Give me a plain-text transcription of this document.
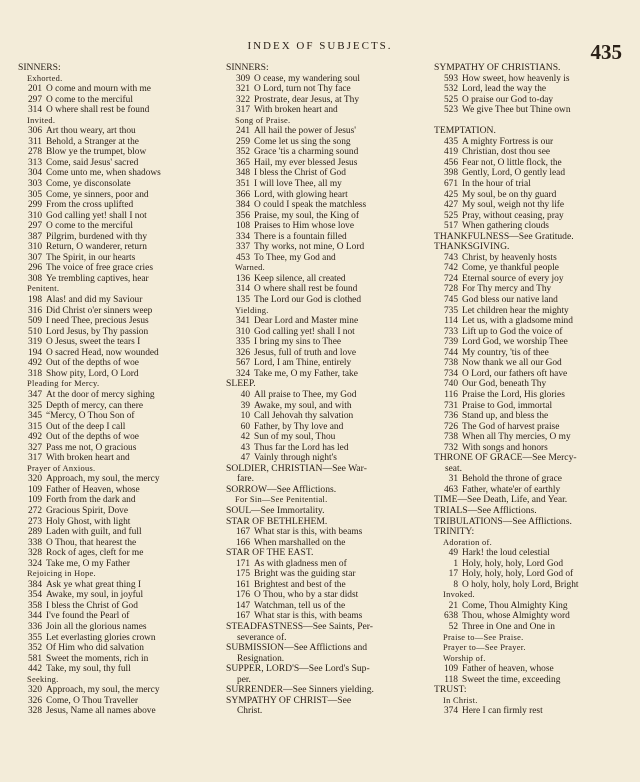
INDEX OF SUBJECTS.	435
SINNERS:
Exhorted.
201 O come and mourn with me
297 O come to the merciful
314 O where shall rest be found
Invited.
306 Art thou weary, art thou
311 Behold, a Stranger at the
278 Blow ye the trumpet, blow
313 Come, said Jesus' sacred
304 Come unto me, when shadows
303 Come, ye disconsolate
305 Come, ye sinners, poor and
299 From the cross uplifted
310 God calling yet! shall I not
297 O come to the merciful
387 Pilgrim, burdened with thy
310 Return, O wanderer, return
307 The Spirit, in our hearts
296 The voice of free grace cries
308 Ye trembling captives, hear
Penitent.
198 Alas! and did my Saviour
316 Did Christ o'er sinners weep
509 I need Thee, precious Jesus
510 Lord Jesus, by Thy passion
319 O Jesus, sweet the tears I
194 O sacred Head, now wounded
492 Out of the depths of woe
318 Show pity, Lord, O Lord
Pleading for Mercy.
347 At the door of mercy sighing
325 Depth of mercy, can there
345 “Mercy, O Thou Son of
315 Out of the deep I call
492 Out of the depths of woe
327 Pass me not, O gracious
317 With broken heart and
Prayer of Anxious.
320 Approach, my soul, the mercy
109 Father of Heaven, whose
109 Forth from the dark and
272 Gracious Spirit, Dove
273 Holy Ghost, with light
289 Laden with guilt, and full
338 O Thou, that hearest the
328 Rock of ages, cleft for me
324 Take me, O my Father
Rejoicing in Hope.
384 Ask ye what great thing I
354 Awake, my soul, in joyful
358 I bless the Christ of God
344 I've found the Pearl of
336 Join all the glorious names
355 Let everlasting glories crown
352 Of Him who did salvation
581 Sweet the moments, rich in
442 Take, my soul, thy full
Seeking.
320 Approach, my soul, the mercy
326 Come, O Thou Traveller
328 Jesus, Name all names above
SINNERS:
309 O cease, my wandering soul
321 O Lord, turn not Thy face
322 Prostrate, dear Jesus, at Thy
317 With broken heart and
Song of Praise.
241 All hail the power of Jesus'
259 Come let us sing the song
352 Grace 'tis a charming sound
365 Hail, my ever blessed Jesus
348 I bless the Christ of God
351 I will love Thee, all my
366 Lord, with glowing heart
384 O could I speak the matchless
356 Praise, my soul, the King of
108 Praises to Him whose love
334 There is a fountain filled
337 Thy works, not mine, O Lord
453 To Thee, my God and
Warned.
136 Keep silence, all created
314 O where shall rest be found
135 The Lord our God is clothed
Yielding.
341 Dear Lord and Master mine
310 God calling yet! shall I not
335 I bring my sins to Thee
326 Jesus, full of truth and love
567 Lord, I am Thine, entirely
324 Take me, O my Father, take
SLEEP.
40 All praise to Thee, my God
39 Awake, my soul, and with
10 Call Jehovah thy salvation
60 Father, by Thy love and
42 Sun of my soul, Thou
43 Thus far the Lord has led
47 Vainly through night's
SOLDIER, CHRISTIAN—See War-
fare.
SORROW—See Afflictions.
For Sin—See Penitential.
SOUL—See Immortality.
STAR OF BETHLEHEM.
167 What star is this, with beams
166 When marshalled on the
STAR OF THE EAST.
171 As with gladness men of
175 Bright was the guiding star
161 Brightest and best of the
176 O Thou, who by a star didst
147 Watchman, tell us of the
167 What star is this, with beams
STEADFASTNESS—See Saints, Per-
severance of.
SUBMISSION—See Afflictions and
Resignation.
SUPPER, LORD'S—See Lord's Sup-
per.
SURRENDER—See Sinners yielding.
SYMPATHY OF CHRIST—See
Christ.
SYMPATHY OF CHRISTIANS.
593 How sweet, how heavenly is
532 Lord, lead the way the
525 O praise our God to-day
523 We give Thee but Thine own
TEMPTATION.
435 A mighty Fortress is our
419 Christian, dost thou see
456 Fear not, O little flock, the
398 Gently, Lord, O gently lead
671 In the hour of trial
425 My soul, be on thy guard
427 My soul, weigh not thy life
525 Pray, without ceasing, pray
517 When gathering clouds
THANKFULNESS—See Gratitude.
THANKSGIVING.
743 Christ, by heavenly hosts
742 Come, ye thankful people
724 Eternal source of every joy
728 For Thy mercy and Thy
745 God bless our native land
735 Let children hear the mighty
114 Let us, with a gladsome mind
733 Lift up to God the voice of
739 Lord God, we worship Thee
744 My country, 'tis of thee
738 Now thank we all our God
734 O Lord, our fathers oft have
740 Our God, beneath Thy
116 Praise the Lord, His glories
731 Praise to God, immortal
736 Stand up, and bless the
726 The God of harvest praise
738 When all Thy mercies, O my
732 With songs and honors
THRONE OF GRACE—See Mercy-
seat.
31 Behold the throne of grace
463 Father, whate'er of earthly
TIME—See Death, Life, and Year.
TRIALS—See Afflictions.
TRIBULATIONS—See Afflictions.
TRINITY:
Adoration of.
49 Hark! the loud celestial
1 Holy, holy, holy, Lord God
17 Holy, holy, holy, Lord God of
8 O holy, holy, holy Lord, Bright
Invoked.
21 Come, Thou Almighty King
638 Thou, whose Almighty word
52 Three in One and One in
Praise to—See Praise.
Prayer to—See Prayer.
Worship of.
109 Father of heaven, whose
118 Sweet the time, exceeding
TRUST:
In Christ.
374 Here I can firmly rest
